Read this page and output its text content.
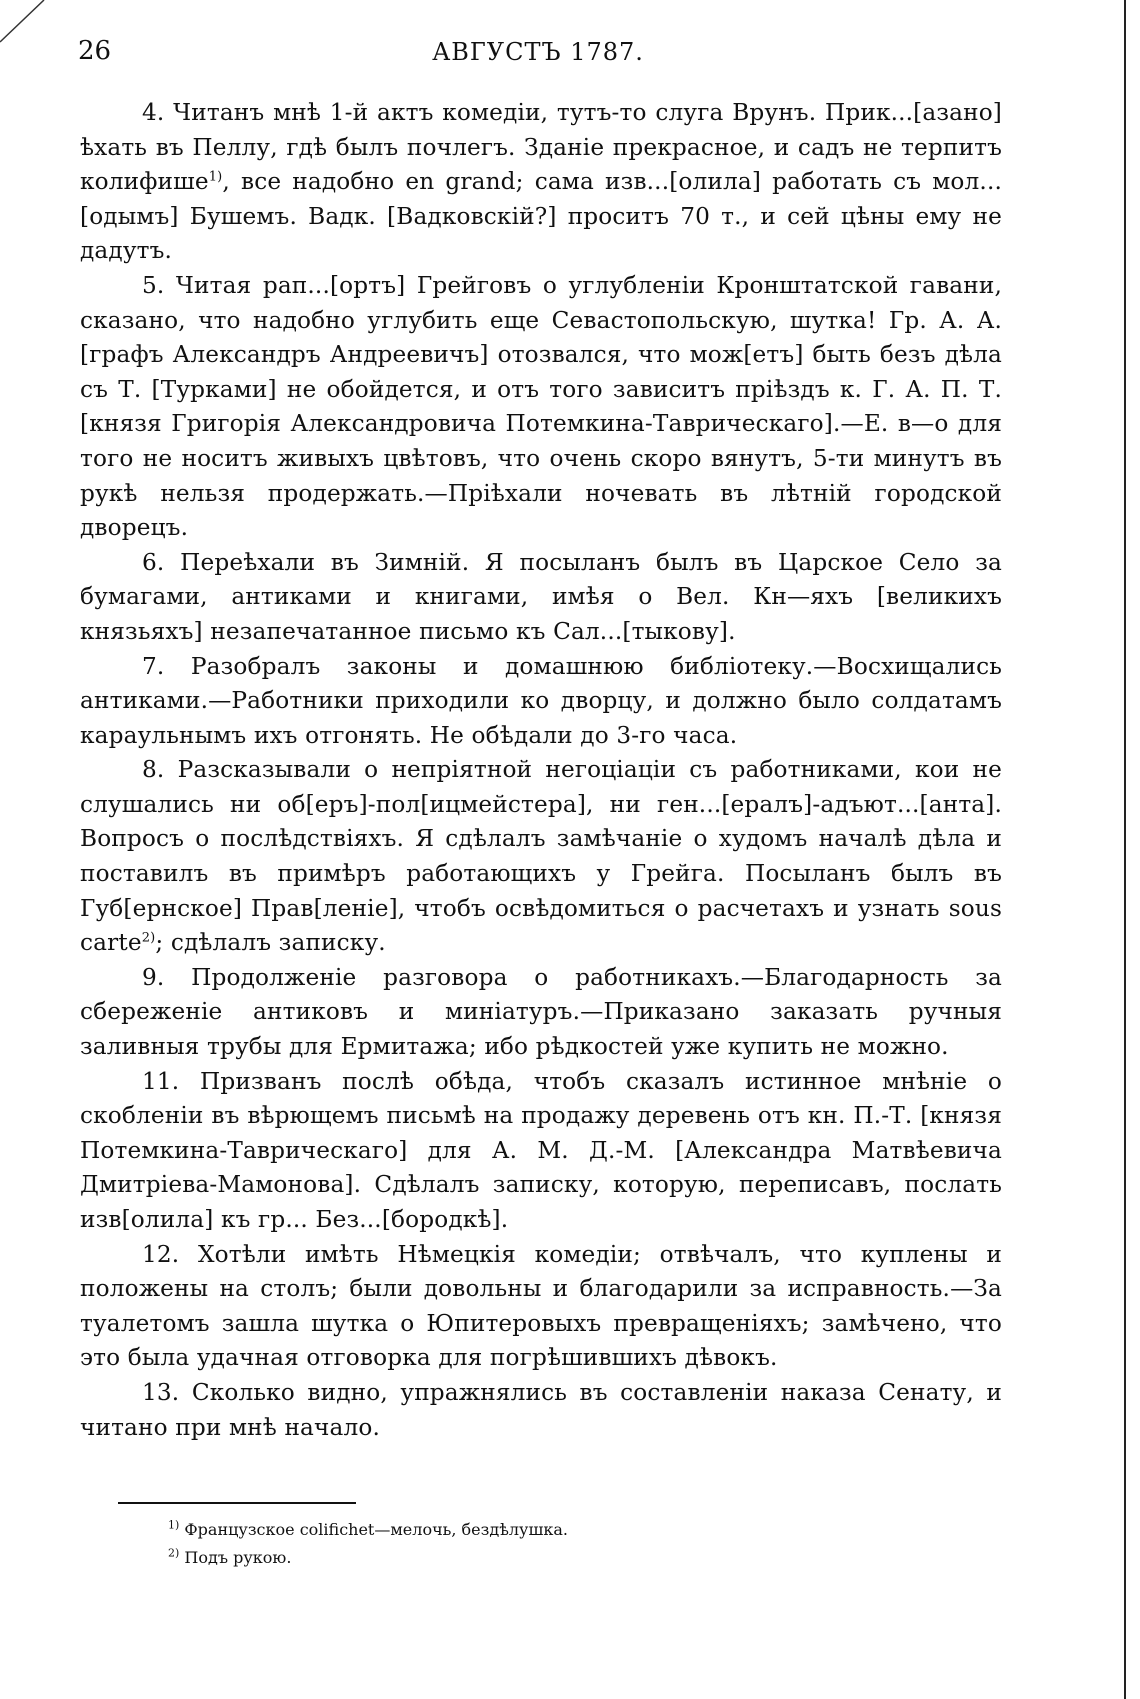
26	АВГУСТЪ 1787.

4. Читанъ мнѣ 1-й актъ комедіи, тутъ-то слуга Врунъ. Прик...[азано] ѣхать въ Пеллу, гдѣ былъ почлегъ. Зданіе прекрасное, и садъ не терпитъ колифише$^{1)}$, все надобно en grand; сама изв...[олила] работать съ мол...[одымъ] Бушемъ. Вадк. [Вадковскій?] проситъ 70 т., и сей цѣны ему не дадутъ.

5. Читая рап...[ортъ] Грейговъ о углубленіи Кронштатской гавани, сказано, что надобно углубить еще Севастопольскую, шутка! Гр. А. А. [графъ Александръ Андреевичъ] отозвался, что мож[етъ] быть безъ дѣла съ Т. [Турками] не обойдется, и отъ того зависитъ пріѣздъ к. Г. А. П. Т. [князя Григорія Александровича Потемкина-Таврическаго].—Е. в—о для того не носитъ живыхъ цвѣтовъ, что очень скоро вянутъ, 5-ти минутъ въ рукѣ нельзя продержать.—Пріѣхали ночевать въ лѣтній городской дворецъ.

6. Переѣхали въ Зимній. Я посыланъ былъ въ Царское Село за бумагами, антиками и книгами, имѣя о Вел. Кн—яхъ [великихъ князьяхъ] незапечатанное письмо къ Сал...[тыкову].

7. Разобралъ законы и домашнюю библіотеку.—Восхищались антиками.—Работники приходили ко дворцу, и должно было солдатамъ караульнымъ ихъ отгонять. Не обѣдали до 3-го часа.

8. Разсказывали о непріятной негоціаціи съ работниками, кои не слушались ни об[еръ]-пол[ицмейстера], ни ген...[ералъ]-адъют...[анта]. Вопросъ о послѣдствіяхъ. Я сдѣлалъ замѣчаніе о худомъ началѣ дѣла и поставилъ въ примѣръ работающихъ у Грейга. Посыланъ былъ въ Губ[ернское] Прав[леніе], чтобъ освѣдомиться о расчетахъ и узнать sous carte$^{2)}$; сдѣлалъ записку.

9. Продолженіе разговора о работникахъ.—Благодарность за сбереженіе антиковъ и миніатуръ.—Приказано заказать ручныя заливныя трубы для Ермитажа; ибо рѣдкостей уже купить не можно.

11. Призванъ послѣ обѣда, чтобъ сказалъ истинное мнѣніе о скобленіи въ вѣрющемъ письмѣ на продажу деревень отъ кн. П.-Т. [князя Потемкина-Таврическаго] для А. М. Д.-М. [Александра Матвѣевича Дмитріева-Мамонова]. Сдѣлалъ записку, которую, переписавъ, послать изв[олила] къ гр... Без...[бородкѣ].

12. Хотѣли имѣть Нѣмецкія комедіи; отвѣчалъ, что куплены и положены на столъ; были довольны и благодарили за исправность.—За туалетомъ зашла шутка о Юпитеровыхъ превращеніяхъ; замѣчено, что это была удачная отговорка для погрѣшившихъ дѣвокъ.

13. Сколько видно, упражнялись въ составленіи наказа Сенату, и читано при мнѣ начало.

$^{1)}$ Французское colifichet—мелочь, бездѣлушка.

$^{2)}$ Подъ рукою.
